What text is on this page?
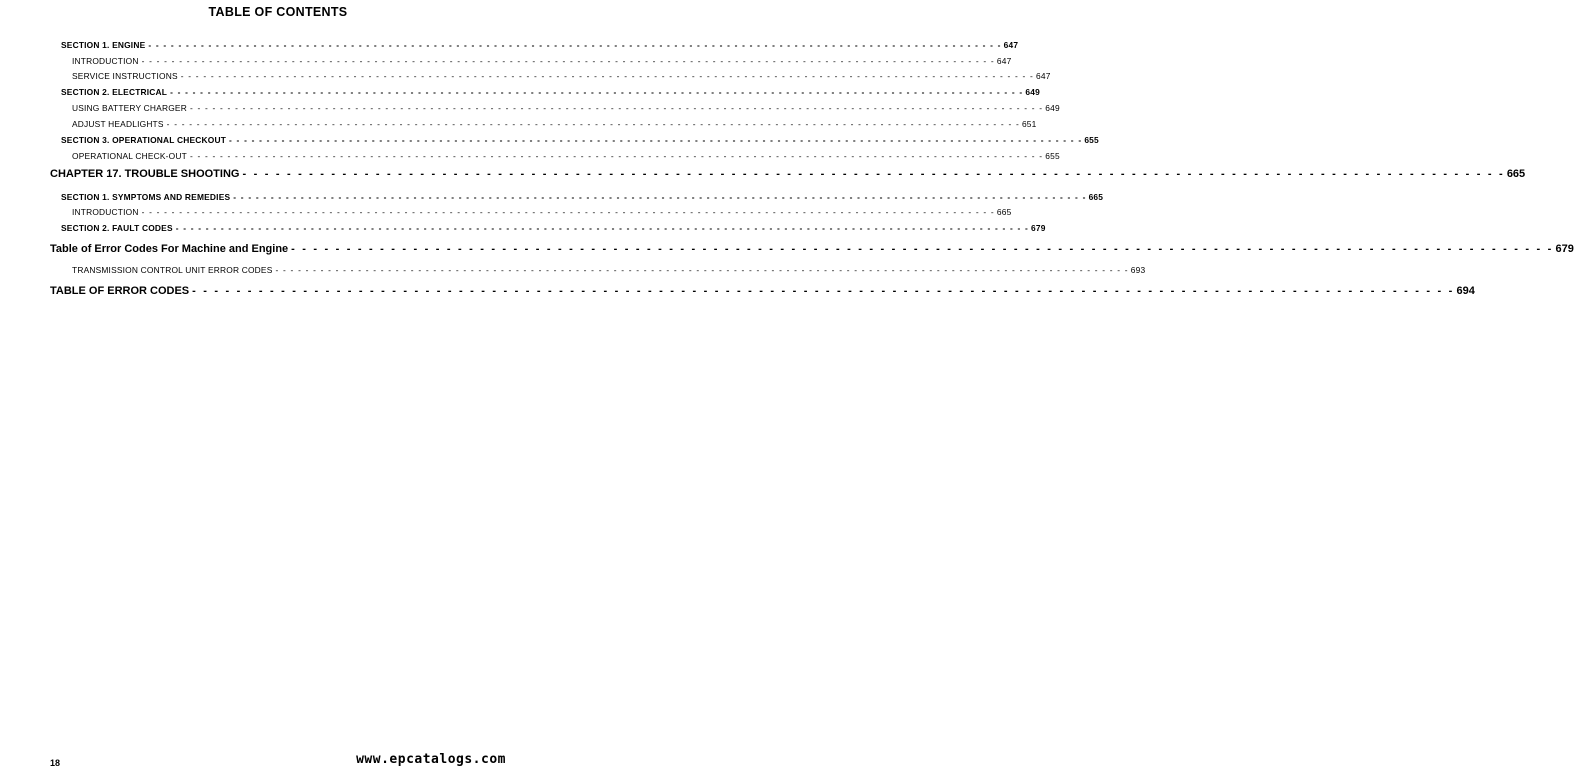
TABLE OF CONTENTS
SECTION 1. ENGINE - - - - - - - - - - - - - - - - - - - - - - - - - - - - - - - - - - - - - - - - - - - - - - - - - - - - - - - - - - - - - - - - - - - - - - - - - - - - - - - - - - - - - - - - - - - - - - - - - - - - - - - - - - - - - - - - - - 647
INTRODUCTION - - - - - - - - - - - - - - - - - - - - - - - - - - - - - - - - - - - - - - - - - - - - - - - - - - - - - - - - - - - - - - - - - - - - - - - - - - - - - - - - - - - - - - - - - - - - - - - - - - - - - - - - - - - - - - - - - - 647
SERVICE INSTRUCTIONS - - - - - - - - - - - - - - - - - - - - - - - - - - - - - - - - - - - - - - - - - - - - - - - - - - - - - - - - - - - - - - - - - - - - - - - - - - - - - - - - - - - - - - - - - - - - - - - - - - - - - - - - - - - - - - - - - - 647
SECTION 2. ELECTRICAL - - - - - - - - - - - - - - - - - - - - - - - - - - - - - - - - - - - - - - - - - - - - - - - - - - - - - - - - - - - - - - - - - - - - - - - - - - - - - - - - - - - - - - - - - - - - - - - - - - - - - - - - - - - - - - - - - - 649
USING BATTERY CHARGER - - - - - - - - - - - - - - - - - - - - - - - - - - - - - - - - - - - - - - - - - - - - - - - - - - - - - - - - - - - - - - - - - - - - - - - - - - - - - - - - - - - - - - - - - - - - - - - - - - - - - - - - - - - - - - - - - - 649
ADJUST HEADLIGHTS - - - - - - - - - - - - - - - - - - - - - - - - - - - - - - - - - - - - - - - - - - - - - - - - - - - - - - - - - - - - - - - - - - - - - - - - - - - - - - - - - - - - - - - - - - - - - - - - - - - - - - - - - - - - - - - - - - 651
SECTION 3. OPERATIONAL CHECKOUT - - - - - - - - - - - - - - - - - - - - - - - - - - - - - - - - - - - - - - - - - - - - - - - - - - - - - - - - - - - - - - - - - - - - - - - - - - - - - - - - - - - - - - - - - - - - - - - - - - - - - - - - - - - - - - - - - - 655
OPERATIONAL CHECK-OUT - - - - - - - - - - - - - - - - - - - - - - - - - - - - - - - - - - - - - - - - - - - - - - - - - - - - - - - - - - - - - - - - - - - - - - - - - - - - - - - - - - - - - - - - - - - - - - - - - - - - - - - - - - - - - - - - - - 655
CHAPTER 17. TROUBLE SHOOTING - - - - - - - - - - - - - - - - - - - - - - - - - - - - - - - - - - - - - - - - - - - - - - - - - - - - - - - - - - - - - - - - - - - - - - - - - - - - - - - - - - - - - - - - - - - - - - - - - - - - - - - - - - - - - - - - - - 665
SECTION 1. SYMPTOMS AND REMEDIES - - - - - - - - - - - - - - - - - - - - - - - - - - - - - - - - - - - - - - - - - - - - - - - - - - - - - - - - - - - - - - - - - - - - - - - - - - - - - - - - - - - - - - - - - - - - - - - - - - - - - - - - - - - - - - - - - - 665
INTRODUCTION - - - - - - - - - - - - - - - - - - - - - - - - - - - - - - - - - - - - - - - - - - - - - - - - - - - - - - - - - - - - - - - - - - - - - - - - - - - - - - - - - - - - - - - - - - - - - - - - - - - - - - - - - - - - - - - - - - 665
SECTION 2. FAULT CODES - - - - - - - - - - - - - - - - - - - - - - - - - - - - - - - - - - - - - - - - - - - - - - - - - - - - - - - - - - - - - - - - - - - - - - - - - - - - - - - - - - - - - - - - - - - - - - - - - - - - - - - - - - - - - - - - - - 679
Table of Error Codes For Machine and Engine - - - - - - - - - - - - - - - - - - - - - - - - - - - - - - - - - - - - - - - - - - - - - - - - - - - - - - - - - - - - - - - - - - - - - - - - - - - - - - - - - - - - - - - - - - - - - - - - - - - - - - - - - - - - - - - - - - 679
TRANSMISSION CONTROL UNIT ERROR CODES - - - - - - - - - - - - - - - - - - - - - - - - - - - - - - - - - - - - - - - - - - - - - - - - - - - - - - - - - - - - - - - - - - - - - - - - - - - - - - - - - - - - - - - - - - - - - - - - - - - - - - - - - - - - - - - - - - 693
TABLE OF ERROR CODES - - - - - - - - - - - - - - - - - - - - - - - - - - - - - - - - - - - - - - - - - - - - - - - - - - - - - - - - - - - - - - - - - - - - - - - - - - - - - - - - - - - - - - - - - - - - - - - - - - - - - - - - - - - - - - - - - - 694
18	www.epcatalogs.com
